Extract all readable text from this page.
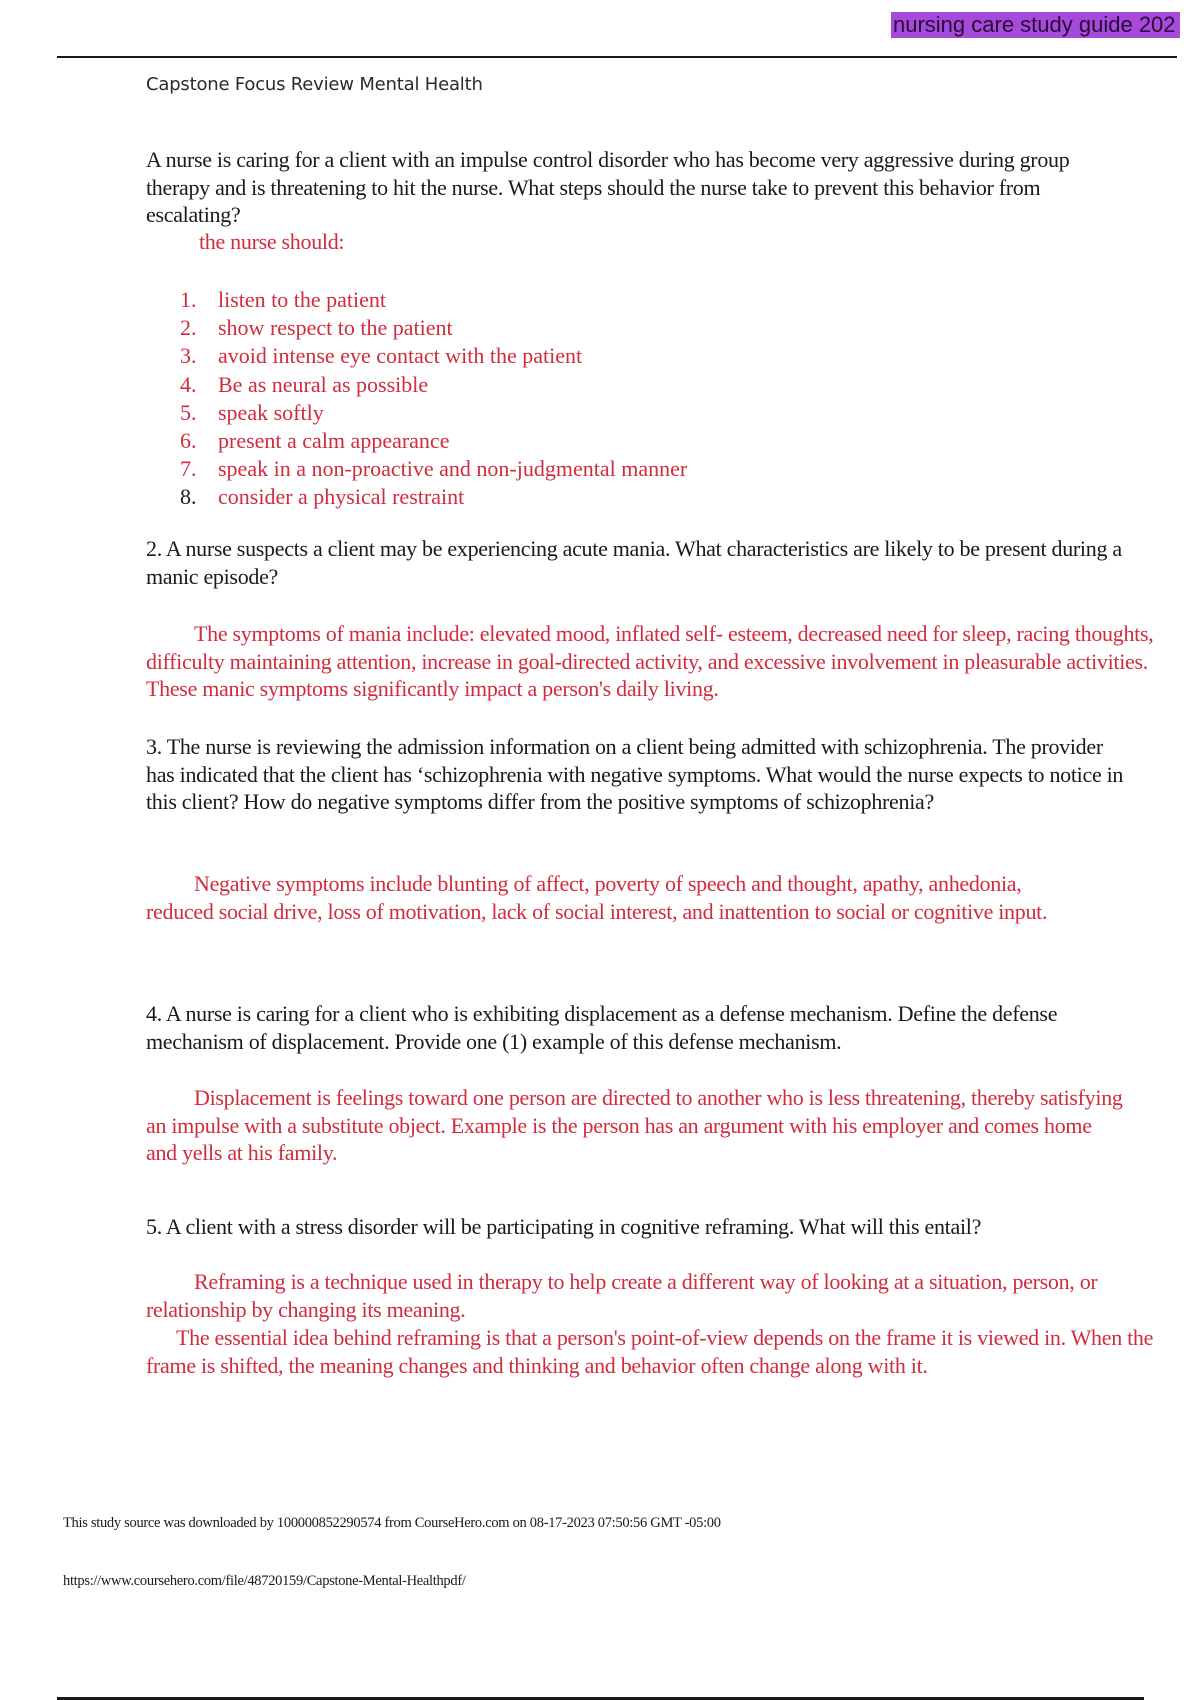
nursing care study guide 202
Capstone Focus Review Mental Health
A nurse is caring for a client with an impulse control disorder who has become very aggressive during group therapy and is threatening to hit the nurse. What steps should the nurse take to prevent this behavior from escalating?
the nurse should:
1. listen to the patient
2. show respect to the patient
3. avoid intense eye contact with the patient
4. Be as neural as possible
5. speak softly
6. present a calm appearance
7. speak in a non-proactive and non-judgmental manner
8. consider a physical restraint
2. A nurse suspects a client may be experiencing acute mania. What characteristics are likely to be present during a manic episode?
The symptoms of mania include: elevated mood, inflated self- esteem, decreased need for sleep, racing thoughts, difficulty maintaining attention, increase in goal-directed activity, and excessive involvement in pleasurable activities. These manic symptoms significantly impact a person's daily living.
3. The nurse is reviewing the admission information on a client being admitted with schizophrenia. The provider has indicated that the client has ‘schizophrenia with negative symptoms. What would the nurse expects to notice in this client? How do negative symptoms differ from the positive symptoms of schizophrenia?
Negative symptoms include blunting of affect, poverty of speech and thought, apathy, anhedonia, reduced social drive, loss of motivation, lack of social interest, and inattention to social or cognitive input.
4. A nurse is caring for a client who is exhibiting displacement as a defense mechanism. Define the defense mechanism of displacement. Provide one (1) example of this defense mechanism.
Displacement is feelings toward one person are directed to another who is less threatening, thereby satisfying an impulse with a substitute object. Example is the person has an argument with his employer and comes home and yells at his family.
5. A client with a stress disorder will be participating in cognitive reframing. What will this entail?
Reframing is a technique used in therapy to help create a different way of looking at a situation, person, or relationship by changing its meaning.
The essential idea behind reframing is that a person's point-of-view depends on the frame it is viewed in. When the frame is shifted, the meaning changes and thinking and behavior often change along with it.
This study source was downloaded by 100000852290574 from CourseHero.com on 08-17-2023 07:50:56 GMT -05:00
https://www.coursehero.com/file/48720159/Capstone-Mental-Healthpdf/
